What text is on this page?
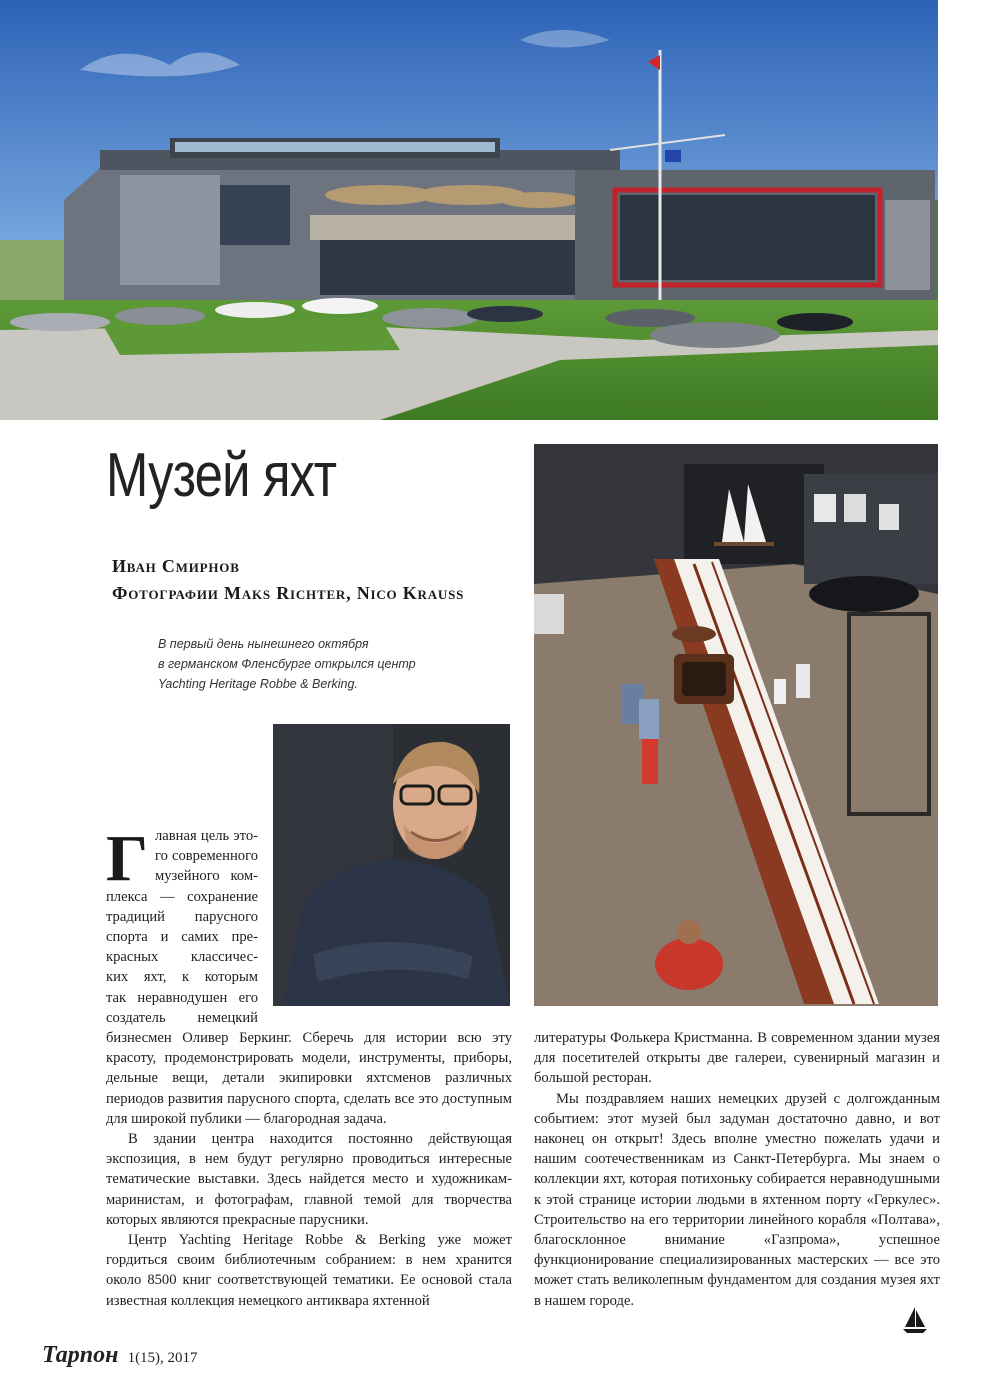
Музей яхт
Иван Смирнов
Фотографии Maks Richter, Nico Krauss
В первый день нынешнего октября
в германском Фленсбурге открылся центр
Yachting Heritage Robbe & Berking.
Г лавная цель это-
го современного
музейного ком-
плекса — сохранение
традиций парусного
спорта и самих пре-
красных классичес-
ких яхт, к которым
так неравнодушен его
создатель немецкий

бизнесмен Оливер Беркинг. Сберечь для истории всю эту красоту, продемонстрировать модели, инструменты, приборы, дельные вещи, детали экипировки яхтсменов различных периодов развития парусного спорта, сделать все это доступным для широкой публики — благородная задача.

В здании центра находится постоянно действующая экспозиция, в нем будут регулярно проводиться интересные тематические выставки. Здесь найдется место и художникам-маринистам, и фотографам, главной темой для творчества которых являются прекрасные парусники.

Центр Yachting Heritage Robbe & Berking уже может гордиться своим библиотечным собранием: в нем хранится около 8500 книг соответствующей тематики. Ее основой стала известная коллекция немецкого антиквара яхтенной

литературы Фолькера Кристманна. В современном здании музея для посетителей открыты две галереи, сувенирный магазин и большой ресторан.

Мы поздравляем наших немецких друзей с долгожданным событием: этот музей был задуман достаточно давно, и вот наконец он открыт! Здесь вполне уместно пожелать удачи и нашим соотечественникам из Санкт-Петербурга. Мы знаем о коллекции яхт, которая потихоньку собирается неравнодушными к этой странице истории людьми в яхтенном порту «Геркулес». Строительство на его территории линейного корабля «Полтава», благосклонное внимание «Газпрома», успешное функционирование специализированных мастерских — все это может стать великолепным фундаментом для создания музея яхт в нашем городе.

Тарпон 1(15), 2017
